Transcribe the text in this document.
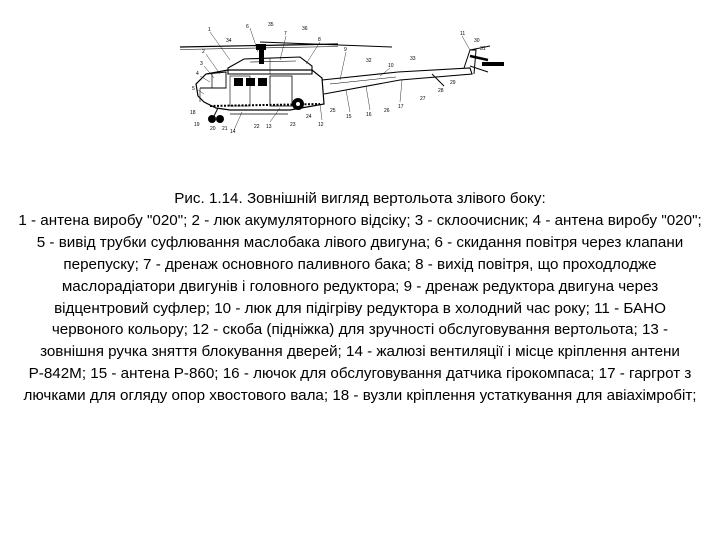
1
2
3
4
5
6
7
8
9
10
11
12
13
14
15	16
17
18
19
20 21	22	23
24
25	26
27
28
29
30
31
32	33
34
35
36

Рис. 1.14. Зовнішній вигляд вертольота злівого боку:
1 - антена виробу "020"; 2 - люк акумуляторного відсіку; 3 - склоочисник; 4 - антена виробу "020"; 5 - вивід трубки суфлювання маслобака лівого двигуна; 6 - скидання повітря через клапани перепуску; 7 - дренаж основного паливного бака; 8 - вихід повітря, що проходлодже маслорадіатори двигунів і головного редуктора; 9 - дренаж редуктора двигуна через відцентровий суфлер; 10 - люк для підігріву редуктора в холодний час року; 11 - БАНО червоного кольору; 12 - скоба (підніжка) для зручності обслуговування вертольота; 13 - зовнішня ручка зняття блокування дверей; 14 - жалюзі вентиляції і місце кріплення антени Р-842М; 15 - антена Р-860; 16 - лючок для обслуговування датчика гірокомпаса; 17 - гаргрот з лючками для огляду опор хвостового вала; 18 - вузли кріплення устаткування для авіахімробіт;
